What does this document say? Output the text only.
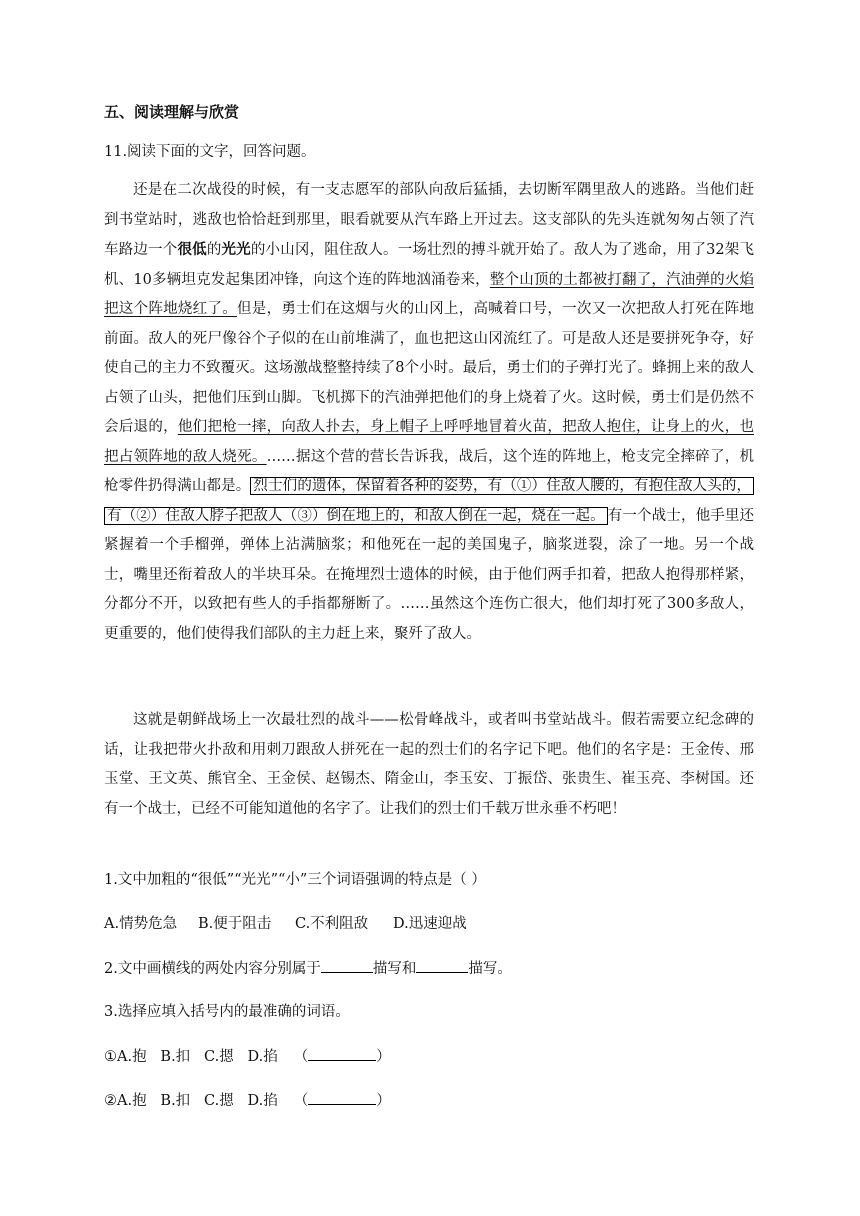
五、阅读理解与欣赏
11.阅读下面的文字，回答问题。

还是在二次战役的时候，有一支志愿军的部队向敌后猛插，去切断军隅里敌人的逃路。当他们赶到书堂站时，逃敌也恰恰赶到那里，眼看就要从汽车路上开过去。这支部队的先头连就匆匆占领了汽车路边一个很低的光光的小山冈，阻住敌人。一场壮烈的搏斗就开始了。敌人为了逃命，用了32架飞机、10多辆坦克发起集团冲锋，向这个连的阵地汹涌卷来，整个山顶的土都被打翻了，汽油弹的火焰把这个阵地烧红了。但是，勇士们在这烟与火的山冈上，高喊着口号，一次又一次把敌人打死在阵地前面。敌人的死尸像谷个子似的在山前堆满了，血也把这山冈流红了。可是敌人还是要拼死争夺，好使自己的主力不致覆灭。这场激战整整持续了8个小时。最后，勇士们的子弹打光了。蜂拥上来的敌人占领了山头，把他们压到山脚。飞机掷下的汽油弹把他们的身上烧着了火。这时候，勇士们是仍然不会后退的，他们把枪一摔，向敌人扑去，身上帽子上呼呼地冒着火苗，把敌人抱住，让身上的火，也把占领阵地的敌人烧死。……据这个营的营长告诉我，战后，这个连的阵地上，枪支完全摔碎了，机枪零件扔得满山都是。 烈士们的遗体，保留着各种的姿势，有（①）住敌人腰的，有抱住敌人头的，有（②）住敌人脖子把敌人（③）倒在地上的，和敌人倒在一起，烧在一起。 有一个战士，他手里还紧握着一个手榴弹，弹体上沾满脑浆；和他死在一起的美国鬼子，脑浆迸裂，涂了一地。另一个战士，嘴里还衔着敌人的半块耳朵。在掩埋烈士遗体的时候，由于他们两手扣着，把敌人抱得那样紧，分都分不开，以致把有些人的手指都掰断了。……虽然这个连伤亡很大，他们却打死了300多敌人，更重要的，他们使得我们部队的主力赶上来，聚歼了敌人。

这就是朝鲜战场上一次最壮烈的战斗——松骨峰战斗，或者叫书堂站战斗。假若需要立纪念碑的话，让我把带火扑敌和用刺刀跟敌人拼死在一起的烈士们的名字记下吧。他们的名字是：王金传、邢玉堂、王文英、熊官全、王金侯、赵锡杰、隋金山，李玉安、丁振岱、张贵生、崔玉亮、李树国。还有一个战士，已经不可能知道他的名字了。让我们的烈士们千载万世永垂不朽吧！

1.文中加粗的“很低”“光光”“小”三个词语强调的特点是（ ）
A.情势危急 B.便于阻击 C.不利阻敌 D.迅速迎战
2.文中画横线的两处内容分别属于	描写和	描写。
3.选择应填入括号内的最准确的词语。
①A.抱   B.扣   C.摁   D.掐 （	）
②A.抱   B.扣   C.摁   D.掐 （	）
